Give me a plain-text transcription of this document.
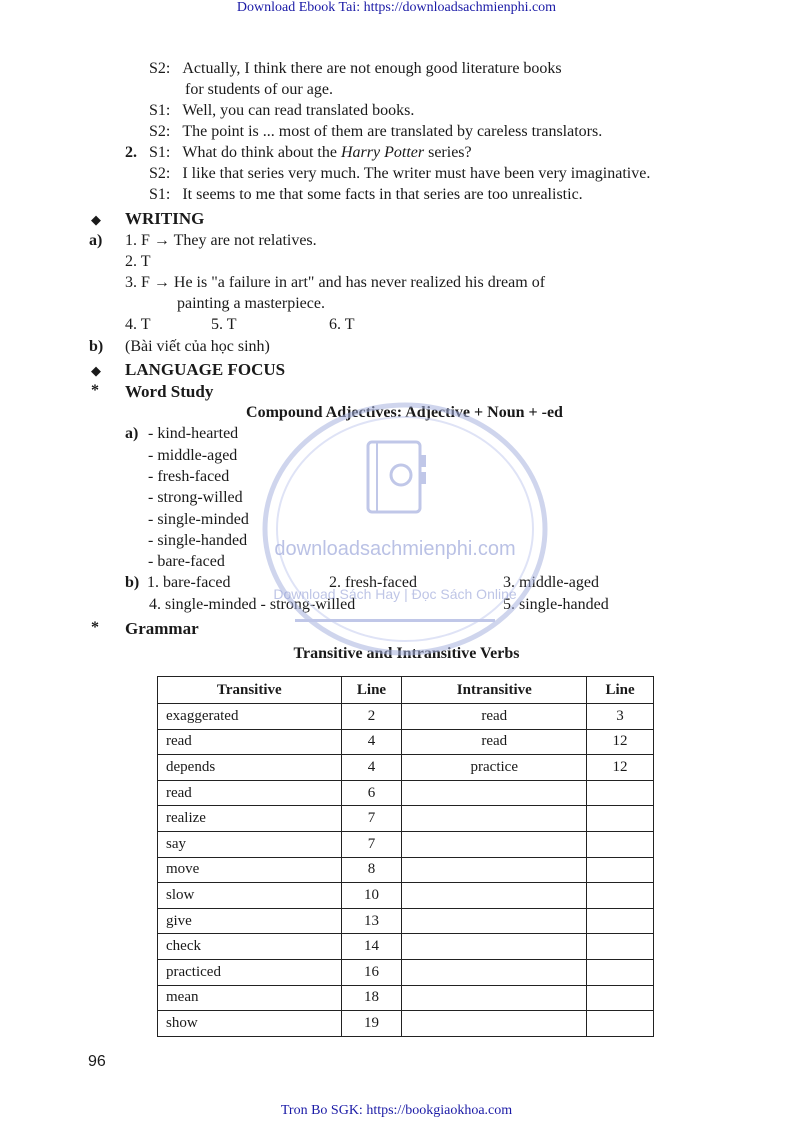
Download Ebook Tai: https://downloadsachmienphi.com
S2: Actually, I think there are not enough good literature books
for students of our age.
S1: Well, you can read translated books.
S2: The point is ... most of them are translated by careless translators.
2. S1: What do think about the Harry Potter series?
S2: I like that series very much. The writer must have been very imaginative.
S1: It seems to me that some facts in that series are too unrealistic.
◆ WRITING
a) 1. F → They are not relatives.
2. T
3. F → He is "a failure in art" and has never realized his dream of
painting a masterpiece.
4. T	5. T	6. T
b) (Bài viết của học sinh)
◆ LANGUAGE FOCUS
* Word Study
Compound Adjectives: Adjective + Noun + -ed
a) - kind-hearted
- middle-aged
- fresh-faced
- strong-willed
- single-minded
- single-handed
- bare-faced
b) 1. bare-faced	2. fresh-faced	3. middle-aged
4. single-minded - strong-willed	5. single-handed
* Grammar
Transitive and Intransitive Verbs
Transitive	Line	Intransitive	Line
exaggerated	2	read	3
read	4	read	12
depends	4	practice	12
read	6		
realize	7		
say	7		
move	8		
slow	10		
give	13		
check	14		
practiced	16		
mean	18		
show	19		
downloadsachmienphi.com
Download Sách Hay | Đọc Sách Online
96
Tron Bo SGK: https://bookgiaokhoa.com
